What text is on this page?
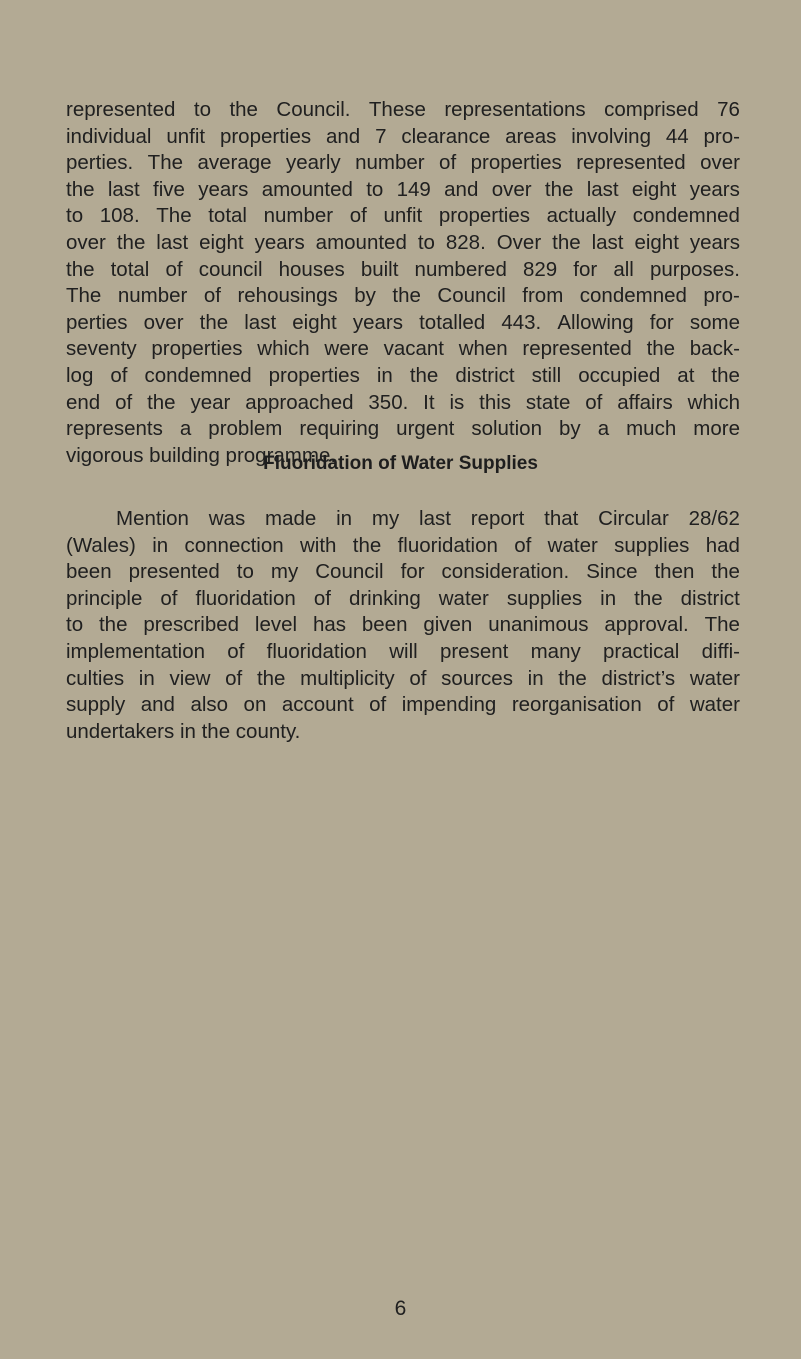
represented to the Council. These representations comprised 76
individual unfit properties and 7 clearance areas involving 44 pro-
perties. The average yearly number of properties represented over
the last five years amounted to 149 and over the last eight years
to 108. The total number of unfit properties actually condemned
over the last eight years amounted to 828. Over the last eight years
the total of council houses built numbered 829 for all purposes.
The number of rehousings by the Council from condemned pro-
perties over the last eight years totalled 443. Allowing for some
seventy properties which were vacant when represented the back-
log of condemned properties in the district still occupied at the
end of the year approached 350. It is this state of affairs which
represents a problem requiring urgent solution by a much more
vigorous building programme.
Fluoridation of Water Supplies
Mention was made in my last report that Circular 28/62
(Wales) in connection with the fluoridation of water supplies had
been presented to my Council for consideration. Since then the
principle of fluoridation of drinking water supplies in the district
to the prescribed level has been given unanimous approval. The
implementation of fluoridation will present many practical diffi-
culties in view of the multiplicity of sources in the district’s water
supply and also on account of impending reorganisation of water
undertakers in the county.
6
